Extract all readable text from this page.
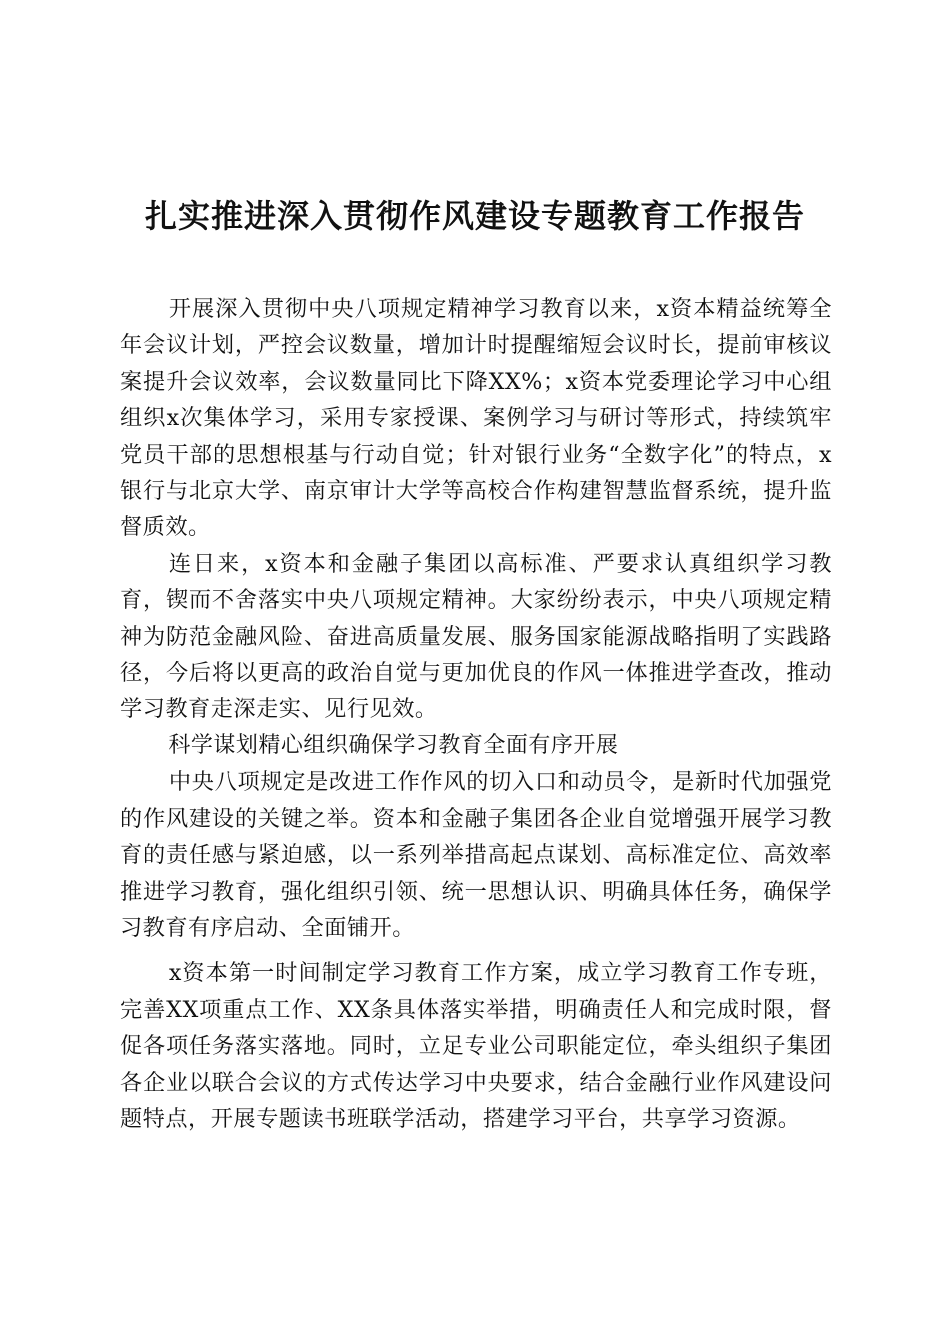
扎实推进深入贯彻作风建设专题教育工作报告

开展深入贯彻中央八项规定精神学习教育以来，x资本精益统筹全年会议计划，严控会议数量，增加计时提醒缩短会议时长，提前审核议案提升会议效率，会议数量同比下降XX%；x资本党委理论学习中心组组织x次集体学习，采用专家授课、案例学习与研讨等形式，持续筑牢党员干部的思想根基与行动自觉；针对银行业务“全数字化”的特点，x银行与北京大学、南京审计大学等高校合作构建智慧监督系统，提升监督质效。

连日来，x资本和金融子集团以高标准、严要求认真组织学习教育，锲而不舍落实中央八项规定精神。大家纷纷表示，中央八项规定精神为防范金融风险、奋进高质量发展、服务国家能源战略指明了实践路径，今后将以更高的政治自觉与更加优良的作风一体推进学查改，推动学习教育走深走实、见行见效。

科学谋划精心组织确保学习教育全面有序开展

中央八项规定是改进工作作风的切入口和动员令，是新时代加强党的作风建设的关键之举。资本和金融子集团各企业自觉增强开展学习教育的责任感与紧迫感，以一系列举措高起点谋划、高标准定位、高效率推进学习教育，强化组织引领、统一思想认识、明确具体任务，确保学习教育有序启动、全面铺开。

x资本第一时间制定学习教育工作方案，成立学习教育工作专班，完善XX项重点工作、XX条具体落实举措，明确责任人和完成时限，督促各项任务落实落地。同时，立足专业公司职能定位，牵头组织子集团各企业以联合会议的方式传达学习中央要求，结合金融行业作风建设问题特点，开展专题读书班联学活动，搭建学习平台，共享学习资源。
